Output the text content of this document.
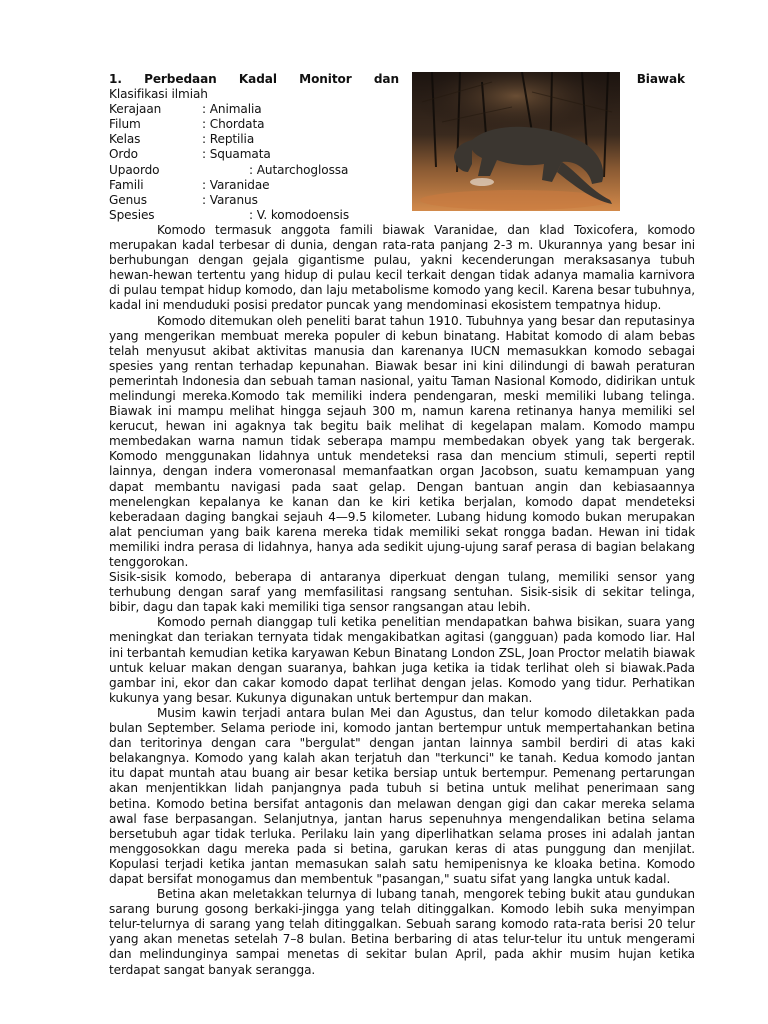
1. Perbedaan Kadal Monitor dan	Biawak

Klasifikasi ilmiah

Kerajaan	: Animalia
Filum	: Chordata
Kelas	: Reptilia
Ordo	: Squamata
Upaordo	: Autarchoglossa
Famili	: Varanidae
Genus	: Varanus
Spesies	: V. komodoensis

Komodo termasuk anggota famili biawak Varanidae, dan klad Toxicofera, komodo merupakan kadal terbesar di dunia, dengan rata-rata panjang 2-3 m. Ukurannya yang besar ini berhubungan dengan gejala gigantisme pulau, yakni kecenderungan meraksasanya tubuh hewan-hewan tertentu yang hidup di pulau kecil terkait dengan tidak adanya mamalia karnivora di pulau tempat hidup komodo, dan laju metabolisme komodo yang kecil. Karena besar tubuhnya, kadal ini menduduki posisi predator puncak yang mendominasi ekosistem tempatnya hidup.

Komodo ditemukan oleh peneliti barat tahun 1910. Tubuhnya yang besar dan reputasinya yang mengerikan membuat mereka populer di kebun binatang. Habitat komodo di alam bebas telah menyusut akibat aktivitas manusia dan karenanya IUCN memasukkan komodo sebagai spesies yang rentan terhadap kepunahan. Biawak besar ini kini dilindungi di bawah peraturan pemerintah Indonesia dan sebuah taman nasional, yaitu Taman Nasional Komodo, didirikan untuk melindungi mereka.Komodo tak memiliki indera pendengaran, meski memiliki lubang telinga. Biawak ini mampu melihat hingga sejauh 300 m, namun karena retinanya hanya memiliki sel kerucut, hewan ini agaknya tak begitu baik melihat di kegelapan malam. Komodo mampu membedakan warna namun tidak seberapa mampu membedakan obyek yang tak bergerak. Komodo menggunakan lidahnya untuk mendeteksi rasa dan mencium stimuli, seperti reptil lainnya, dengan indera vomeronasal memanfaatkan organ Jacobson, suatu kemampuan yang dapat membantu navigasi pada saat gelap. Dengan bantuan angin dan kebiasaannya menelengkan kepalanya ke kanan dan ke kiri ketika berjalan, komodo dapat mendeteksi keberadaan daging bangkai sejauh 4—9.5 kilometer. Lubang hidung komodo bukan merupakan alat penciuman yang baik karena mereka tidak memiliki sekat rongga badan. Hewan ini tidak memiliki indra perasa di lidahnya, hanya ada sedikit ujung-ujung saraf perasa di bagian belakang tenggorokan.

Sisik-sisik komodo, beberapa di antaranya diperkuat dengan tulang, memiliki sensor yang terhubung dengan saraf yang memfasilitasi rangsang sentuhan. Sisik-sisik di sekitar telinga, bibir, dagu dan tapak kaki memiliki tiga sensor rangsangan atau lebih.

Komodo pernah dianggap tuli ketika penelitian mendapatkan bahwa bisikan, suara yang meningkat dan teriakan ternyata tidak mengakibatkan agitasi (gangguan) pada komodo liar. Hal ini terbantah kemudian ketika karyawan Kebun Binatang London ZSL, Joan Proctor melatih biawak untuk keluar makan dengan suaranya, bahkan juga ketika ia tidak terlihat oleh si biawak.Pada gambar ini, ekor dan cakar komodo dapat terlihat dengan jelas. Komodo yang tidur. Perhatikan kukunya yang besar. Kukunya digunakan untuk bertempur dan makan.

Musim kawin terjadi antara bulan Mei dan Agustus, dan telur komodo diletakkan pada bulan September. Selama periode ini, komodo jantan bertempur untuk mempertahankan betina dan teritorinya dengan cara "bergulat" dengan jantan lainnya sambil berdiri di atas kaki belakangnya. Komodo yang kalah akan terjatuh dan "terkunci" ke tanah. Kedua komodo jantan itu dapat muntah atau buang air besar ketika bersiap untuk bertempur. Pemenang pertarungan akan menjentikkan lidah panjangnya pada tubuh si betina untuk melihat penerimaan sang betina. Komodo betina bersifat antagonis dan melawan dengan gigi dan cakar mereka selama awal fase berpasangan. Selanjutnya, jantan harus sepenuhnya mengendalikan betina selama bersetubuh agar tidak terluka. Perilaku lain yang diperlihatkan selama proses ini adalah jantan menggosokkan dagu mereka pada si betina, garukan keras di atas punggung dan menjilat. Kopulasi terjadi ketika jantan memasukan salah satu hemipenisnya ke kloaka betina. Komodo dapat bersifat monogamus dan membentuk "pasangan," suatu sifat yang langka untuk kadal.

Betina akan meletakkan telurnya di lubang tanah, mengorek tebing bukit atau gundukan sarang burung gosong berkaki-jingga yang telah ditinggalkan. Komodo lebih suka menyimpan telur-telurnya di sarang yang telah ditinggalkan. Sebuah sarang komodo rata-rata berisi 20 telur yang akan menetas setelah 7–8 bulan. Betina berbaring di atas telur-telur itu untuk mengerami dan melindunginya sampai menetas di sekitar bulan April, pada akhir musim hujan ketika terdapat sangat banyak serangga.
